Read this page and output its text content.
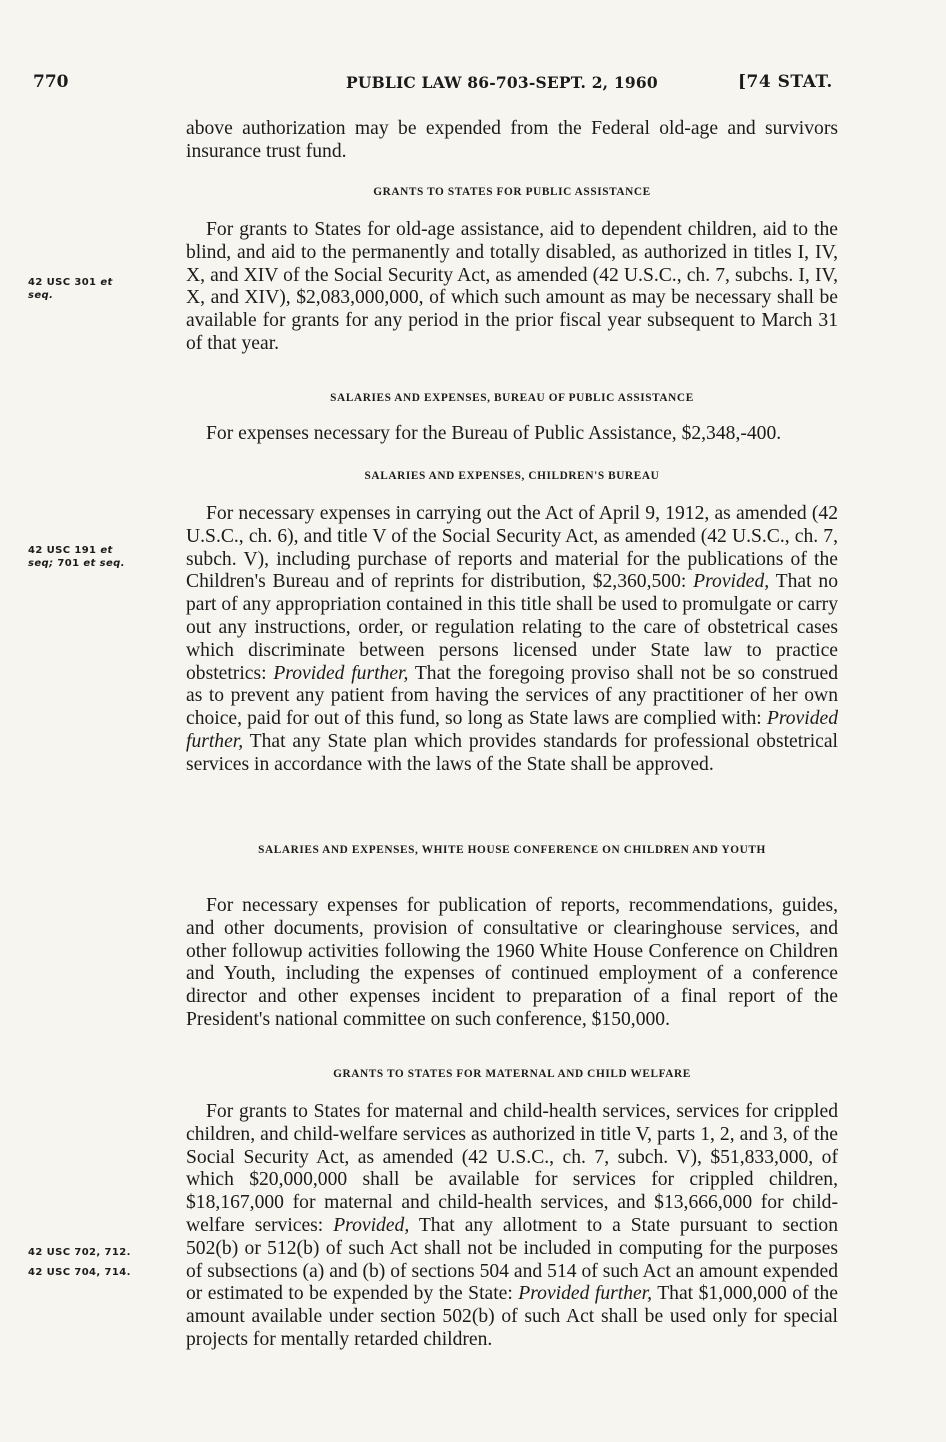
770	PUBLIC LAW 86-703-SEPT. 2, 1960	[74 STAT.

above authorization may be expended from the Federal old-age and survivors insurance trust fund.

GRANTS TO STATES FOR PUBLIC ASSISTANCE

For grants to States for old-age assistance, aid to dependent children, aid to the blind, and aid to the permanently and totally disabled, as authorized in titles I, IV, X, and XIV of the Social Security Act, as amended (42 U.S.C., ch. 7, subchs. I, IV, X, and XIV), $2,083,000,000, of which such amount as may be necessary shall be available for grants for any period in the prior fiscal year subsequent to March 31 of that year.

42 USC 301 et
seq.
SALARIES AND EXPENSES, BUREAU OF PUBLIC ASSISTANCE

For expenses necessary for the Bureau of Public Assistance, $2,348,-400.

SALARIES AND EXPENSES, CHILDREN'S BUREAU

For necessary expenses in carrying out the Act of April 9, 1912, as amended (42 U.S.C., ch. 6), and title V of the Social Security Act, as amended (42 U.S.C., ch. 7, subch. V), including purchase of reports and material for the publications of the Children's Bureau and of reprints for distribution, $2,360,500: Provided, That no part of any appropriation contained in this title shall be used to promulgate or carry out any instructions, order, or regulation relating to the care of obstetrical cases which discriminate between persons licensed under State law to practice obstetrics: Provided further, That the foregoing proviso shall not be so construed as to prevent any patient from having the services of any practitioner of her own choice, paid for out of this fund, so long as State laws are complied with: Provided further, That any State plan which provides standards for professional obstetrical services in accordance with the laws of the State shall be approved.

42 USC 191 et
seq; 701 et seq.
SALARIES AND EXPENSES, WHITE HOUSE CONFERENCE ON CHILDREN AND YOUTH

For necessary expenses for publication of reports, recommendations, guides, and other documents, provision of consultative or clearinghouse services, and other followup activities following the 1960 White House Conference on Children and Youth, including the expenses of continued employment of a conference director and other expenses incident to preparation of a final report of the President's national committee on such conference, $150,000.

GRANTS TO STATES FOR MATERNAL AND CHILD WELFARE

For grants to States for maternal and child-health services, services for crippled children, and child-welfare services as authorized in title V, parts 1, 2, and 3, of the Social Security Act, as amended (42 U.S.C., ch. 7, subch. V), $51,833,000, of which $20,000,000 shall be available for services for crippled children, $18,167,000 for maternal and child-health services, and $13,666,000 for child-welfare services: Provided, That any allotment to a State pursuant to section 502(b) or 512(b) of such Act shall not be included in computing for the purposes of subsections (a) and (b) of sections 504 and 514 of such Act an amount expended or estimated to be expended by the State: Provided further, That $1,000,000 of the amount available under section 502(b) of such Act shall be used only for special projects for mentally retarded children.

42 USC 702, 712.
42 USC 704, 714.
